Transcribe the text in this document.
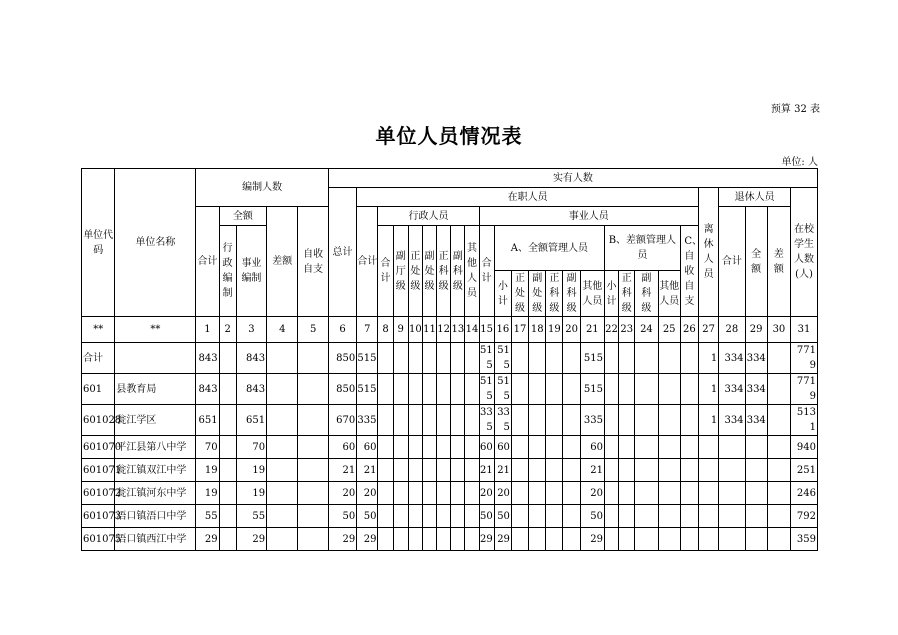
预算 32 表
单位人员情况表
单位: 人
单位代码	单位名称	编制人数					实有人数																									
							总计	在职人员																				离休人员	退休人员			在校学生人数(人)
		合计	全额		差额	自收自支		合计	行政人员							事业人员													合计	全额	差额	
			行政编制	事业编制					合计	副厅级	正处级	副处级	正科级	副科级	其他人员	合计	A、全额管理人员						B、差额管理人员				C、自收自支					
																	小计	正处级	副处级	正科级	副科级	其他人员	小计	正科级	副科级	其他人员						
**	**	1	2	3	4	5	6	7	8	9	10	11	12	13	14	15	16	17	18	19	20	21	22	23	24	25	26	27	28	29	30	31
合计		843		843			850	515								515	515					515						1	334	334		7719
601	县教育局	843		843			850	515								515	515					515						1	334	334		7719
601028	瓮江学区	651		651			670	335								335	335					335						1	334	334		5131
601070	平江县第八中学	70		70			60	60								60	60					60										940
601071	瓮江镇双江中学	19		19			21	21								21	21					21										251
601072	瓮江镇河东中学	19		19			20	20								20	20					20										246
601073	浯口镇浯口中学	55		55			50	50								50	50					50										792
601075	浯口镇西江中学	29		29			29	29								29	29					29										359
